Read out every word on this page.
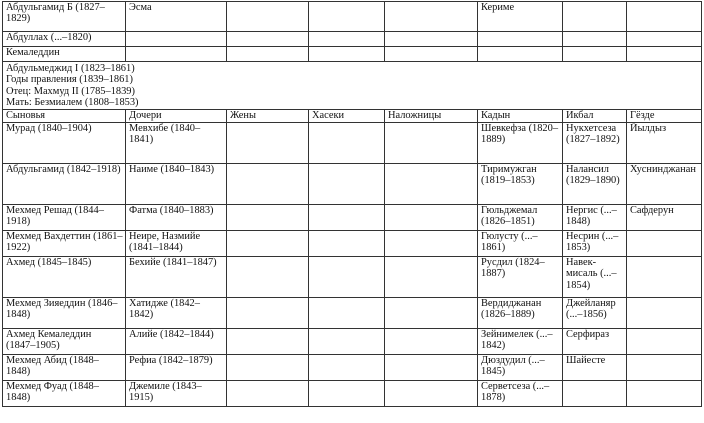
Абдульгамид Б (1827–1829)	Эсма				Кериме		
Абдуллах (...–1820)							
Кемаледдин							

Абдульмеджид I (1823–1861)
Годы правления (1839–1861)
Отец: Махмуд II (1785–1839)
Мать: Безмиалем (1808–1853)							

Сыновья	Дочери	Жены	Хасеки	Наложницы	Кадын	Икбал	Гёзде
Мурад (1840–1904)	Мевхибе (1840–1841)				Шевкефза (1820–1889)	Нукхетсеза (1827–1892)	Йылдыз
Абдульгамид (1842–1918)	Наиме (1840–1843)				Тиримужган (1819–1853)	Налансил (1829–1890)	Хуснинджанан
Мехмед Решад (1844–1918)	Фатма (1840–1883)				Гюльджемал (1826–1851)	Нергис (...–1848)	Сафдерун
Мехмед Вахдеттин (1861–1922)	Неирe, Назмийе (1841–1844)				Гюлусту (...–1861)	Несрин (...–1853)	
Ахмед (1845–1845)	Бехийе (1841–1847)				Русдил (1824–1887)	Навек-мисаль (...–1854)	
Мехмед Зияеддин (1846–1848)	Хатидже (1842–1842)				Вердиджанан (1826–1889)	Джейланяр (...–1856)	
Ахмед Кемаледдин (1847–1905)	Алийе (1842–1844)				Зейнимелек (...–1842)	Серфираз	
Мехмед Абид (1848–1848)	Рефиа (1842–1879)				Дюздудил (...–1845)	Шайесте	
Мехмед Фуад (1848–1848)	Джемиле (1843–1915)				Серветсеза (...–1878)		
